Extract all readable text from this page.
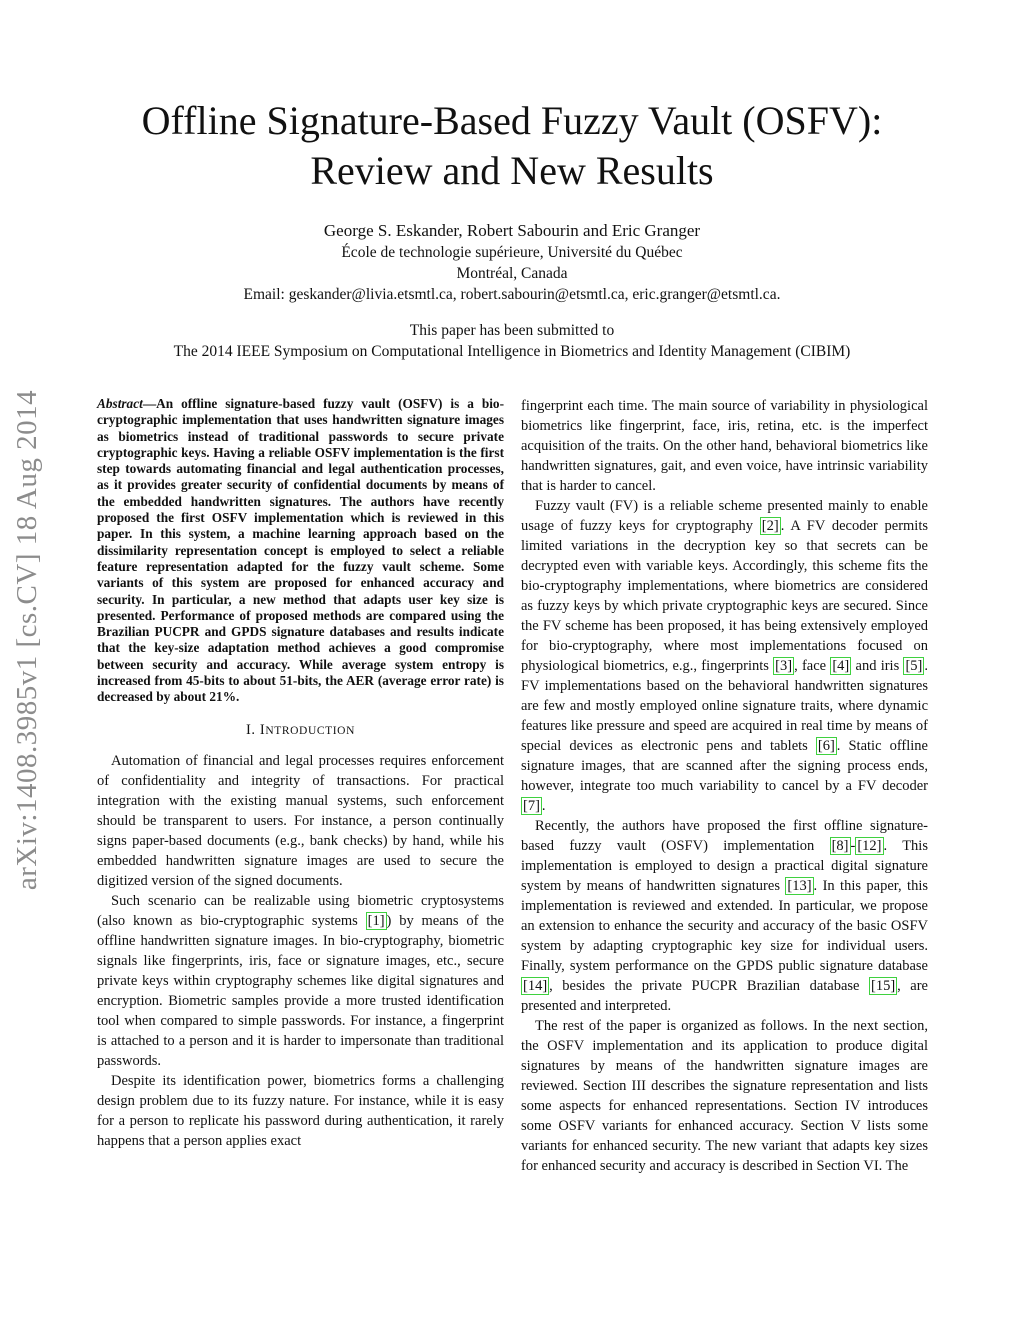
arXiv:1408.3985v1 [cs.CV] 18 Aug 2014
Offline Signature-Based Fuzzy Vault (OSFV):
Review and New Results
George S. Eskander, Robert Sabourin and Eric Granger
École de technologie supérieure, Université du Québec
Montréal, Canada
Email: geskander@livia.etsmtl.ca, robert.sabourin@etsmtl.ca, eric.granger@etsmtl.ca.
This paper has been submitted to
The 2014 IEEE Symposium on Computational Intelligence in Biometrics and Identity Management (CIBIM)

Abstract—An offline signature-based fuzzy vault (OSFV) is a bio-cryptographic implementation that uses handwritten signature images as biometrics instead of traditional passwords to secure private cryptographic keys. Having a reliable OSFV implementation is the first step towards automating financial and legal authentication processes, as it provides greater security of confidential documents by means of the embedded handwritten signatures. The authors have recently proposed the first OSFV implementation which is reviewed in this paper. In this system, a machine learning approach based on the dissimilarity representation concept is employed to select a reliable feature representation adapted for the fuzzy vault scheme. Some variants of this system are proposed for enhanced accuracy and security. In particular, a new method that adapts user key size is presented. Performance of proposed methods are compared using the Brazilian PUCPR and GPDS signature databases and results indicate that the key-size adaptation method achieves a good compromise between security and accuracy. While average system entropy is increased from 45-bits to about 51-bits, the AER (average error rate) is decreased by about 21%.

I. INTRODUCTION

Automation of financial and legal processes requires enforcement of confidentiality and integrity of transactions. For practical integration with the existing manual systems, such enforcement should be transparent to users. For instance, a person continually signs paper-based documents (e.g., bank checks) by hand, while his embedded handwritten signature images are used to secure the digitized version of the signed documents.

Such scenario can be realizable using biometric cryptosystems (also known as bio-cryptographic systems [1] ) by means of the offline handwritten signature images. In bio-cryptography, biometric signals like fingerprints, iris, face or signature images, etc., secure private keys within cryptography schemes like digital signatures and encryption. Biometric samples provide a more trusted identification tool when compared to simple passwords. For instance, a fingerprint is attached to a person and it is harder to impersonate than traditional passwords.

Despite its identification power, biometrics forms a challenging design problem due to its fuzzy nature. For instance, while it is easy for a person to replicate his password during authentication, it rarely happens that a person applies exact

fingerprint each time. The main source of variability in physiological biometrics like fingerprint, face, iris, retina, etc. is the imperfect acquisition of the traits. On the other hand, behavioral biometrics like handwritten signatures, gait, and even voice, have intrinsic variability that is harder to cancel.

Fuzzy vault (FV) is a reliable scheme presented mainly to enable usage of fuzzy keys for cryptography [2] . A FV decoder permits limited variations in the decryption key so that secrets can be decrypted even with variable keys. Accordingly, this scheme fits the bio-cryptography implementations, where biometrics are considered as fuzzy keys by which private cryptographic keys are secured. Since the FV scheme has been proposed, it has being extensively employed for bio-cryptography, where most implementations focused on physiological biometrics, e.g., fingerprints [3] , face [4] and iris [5] . FV implementations based on the behavioral handwritten signatures are few and mostly employed online signature traits, where dynamic features like pressure and speed are acquired in real time by means of special devices as electronic pens and tablets [6] . Static offline signature images, that are scanned after the signing process ends, however, integrate too much variability to cancel by a FV decoder [7] .

Recently, the authors have proposed the first offline signature-based fuzzy vault (OSFV) implementation [8] - [12] . This implementation is employed to design a practical digital signature system by means of handwritten signatures [13] . In this paper, this implementation is reviewed and extended. In particular, we propose an extension to enhance the security and accuracy of the basic OSFV system by adapting cryptographic key size for individual users. Finally, system performance on the GPDS public signature database [14] , besides the private PUCPR Brazilian database [15] , are presented and interpreted.

The rest of the paper is organized as follows. In the next section, the OSFV implementation and its application to produce digital signatures by means of the handwritten signature images are reviewed. Section III describes the signature representation and lists some aspects for enhanced representations. Section IV introduces some OSFV variants for enhanced accuracy. Section V lists some variants for enhanced security. The new variant that adapts key sizes for enhanced security and accuracy is described in Section VI. The
